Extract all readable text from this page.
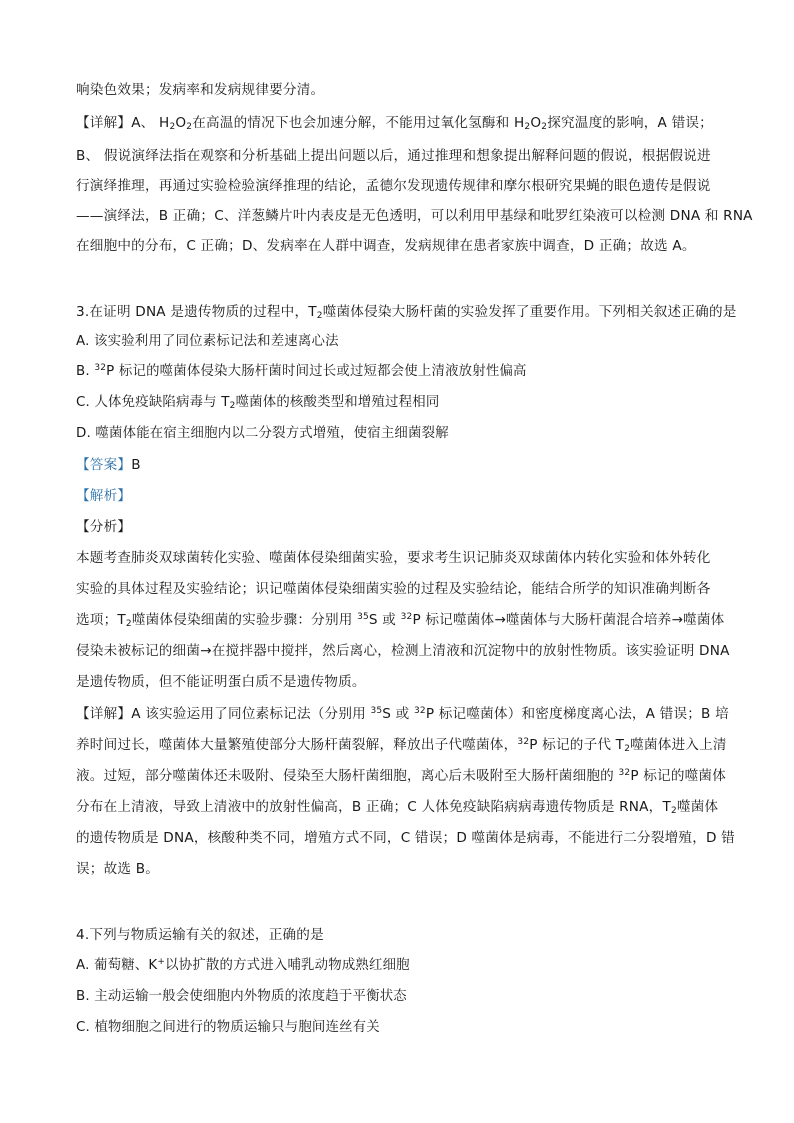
响染色效果；发病率和发病规律要分清。
【详解】A、 $H_2O_2$在高温的情况下也会加速分解，不能用过氧化氢酶和 $H_2O_2$探究温度的影响，A 错误；
B、 假说演绎法指在观察和分析基础上提出问题以后，通过推理和想象提出解释问题的假说，根据假说进
行演绎推理，再通过实验检验演绎推理的结论，孟德尔发现遗传规律和摩尔根研究果蝇的眼色遗传是假说
——演绎法，B 正确；C、洋葱鳞片叶内表皮是无色透明，可以利用甲基绿和吡罗红染液可以检测 DNA 和 RNA
在细胞中的分布，C 正确；D、发病率在人群中调查，发病规律在患者家族中调查，D 正确；故选 A。
3.在证明 DNA 是遗传物质的过程中，$T_2$噬菌体侵染大肠杆菌的实验发挥了重要作用。下列相关叙述正确的是
A. 该实验利用了同位素标记法和差速离心法
B. $^{32}$P 标记的噬菌体侵染大肠杆菌时间过长或过短都会使上清液放射性偏高
C. 人体免疫缺陷病毒与 $T_2$噬菌体的核酸类型和增殖过程相同
D. 噬菌体能在宿主细胞内以二分裂方式增殖，使宿主细菌裂解
【答案】B
【解析】
【分析】
本题考查肺炎双球菌转化实验、噬菌体侵染细菌实验，要求考生识记肺炎双球菌体内转化实验和体外转化
实验的具体过程及实验结论；识记噬菌体侵染细菌实验的过程及实验结论，能结合所学的知识准确判断各
选项；$T_2$噬菌体侵染细菌的实验步骤：分别用 $^{35}$S 或 $^{32}$P 标记噬菌体→噬菌体与大肠杆菌混合培养→噬菌体
侵染未被标记的细菌→在搅拌器中搅拌，然后离心，检测上清液和沉淀物中的放射性物质。该实验证明 DNA
是遗传物质，但不能证明蛋白质不是遗传物质。
【详解】A 该实验运用了同位素标记法（分别用 $^{35}$S 或 $^{32}$P 标记噬菌体）和密度梯度离心法，A 错误；B 培
养时间过长，噬菌体大量繁殖使部分大肠杆菌裂解，释放出子代噬菌体，$^{32}$P 标记的子代 $T_2$噬菌体进入上清
液。过短，部分噬菌体还未吸附、侵染至大肠杆菌细胞，离心后未吸附至大肠杆菌细胞的 $^{32}$P 标记的噬菌体
分布在上清液，导致上清液中的放射性偏高，B 正确；C 人体免疫缺陷病病毒遗传物质是 RNA，$T_2$噬菌体
的遗传物质是 DNA，核酸种类不同，增殖方式不同，C 错误；D 噬菌体是病毒，不能进行二分裂增殖，D 错
误；故选 B。
4.下列与物质运输有关的叙述，正确的是
A. 葡萄糖、K+以协扩散的方式进入哺乳动物成熟红细胞
B. 主动运输一般会使细胞内外物质的浓度趋于平衡状态
C. 植物细胞之间进行的物质运输只与胞间连丝有关
